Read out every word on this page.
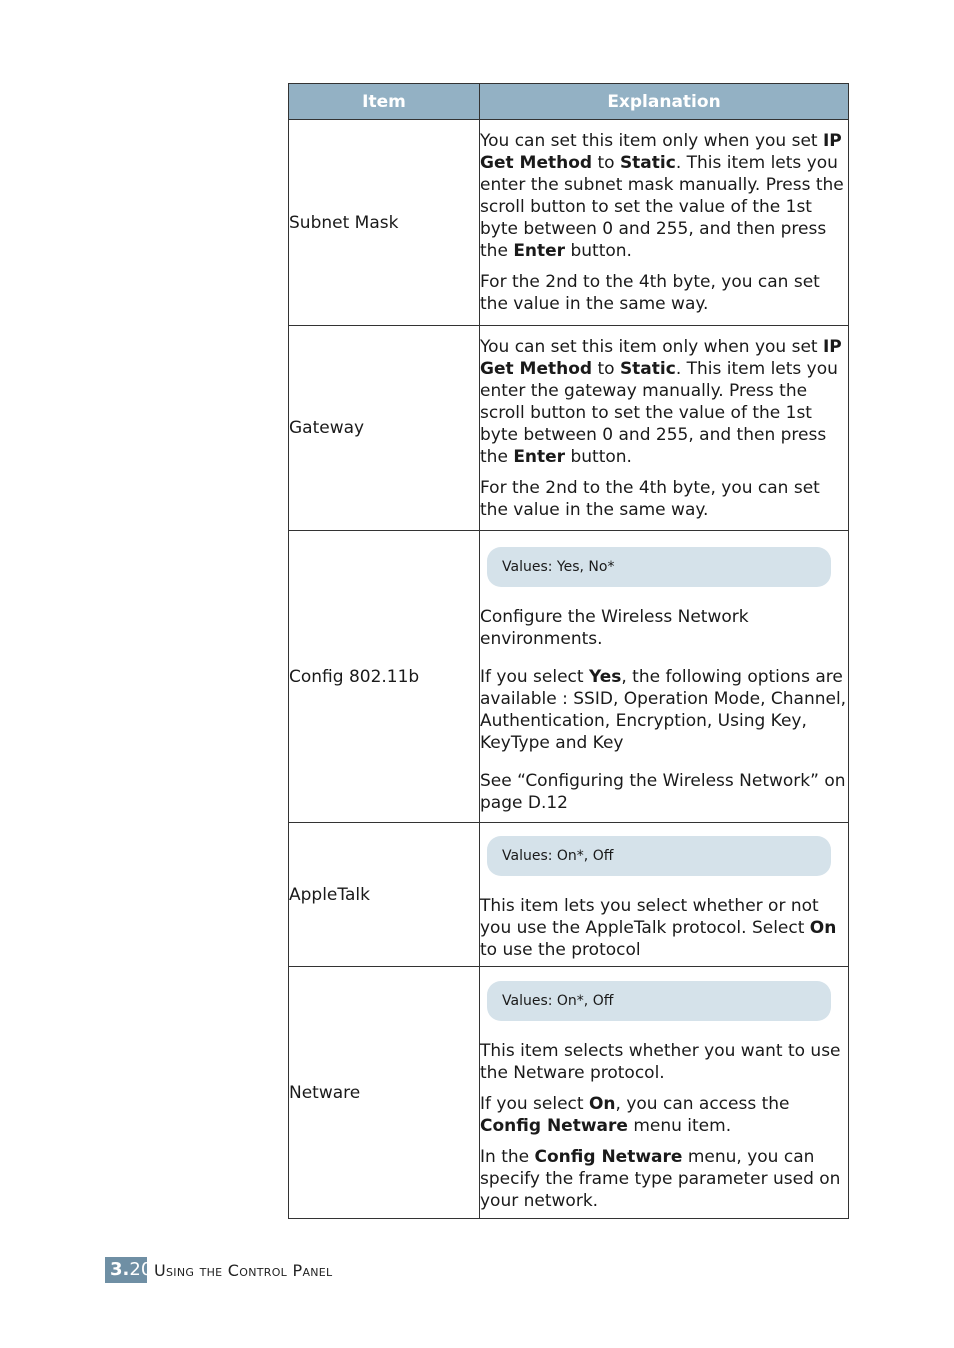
Item	Explanation
Subnet Mask	You can set this item only when you set IP Get Method to Static. This item lets you enter the subnet mask manually. Press the scroll button to set the value of the 1st byte between 0 and 255, and then press the Enter button.

For the 2nd to the 4th byte, you can set the value in the same way.

Gateway	You can set this item only when you set IP Get Method to Static. This item lets you enter the gateway manually. Press the scroll button to set the value of the 1st byte between 0 and 255, and then press the Enter button.

For the 2nd to the 4th byte, you can set the value in the same way.

Config 802.11b	Values: Yes, No*

Configure the Wireless Network environments.

If you select Yes, the following options are available : SSID, Operation Mode, Channel, Authentication, Encryption, Using Key, KeyType and Key

See “Configuring the Wireless Network” on page D.12

AppleTalk	Values: On*, Off

This item lets you select whether or not you use the AppleTalk protocol. Select On to use the protocol

Netware	Values: On*, Off

This item selects whether you want to use the Netware protocol.

If you select On, you can access the Config Netware menu item.

In the Config Netware menu, you can specify the frame type parameter used on your network.

3.20 Using the Control Panel
